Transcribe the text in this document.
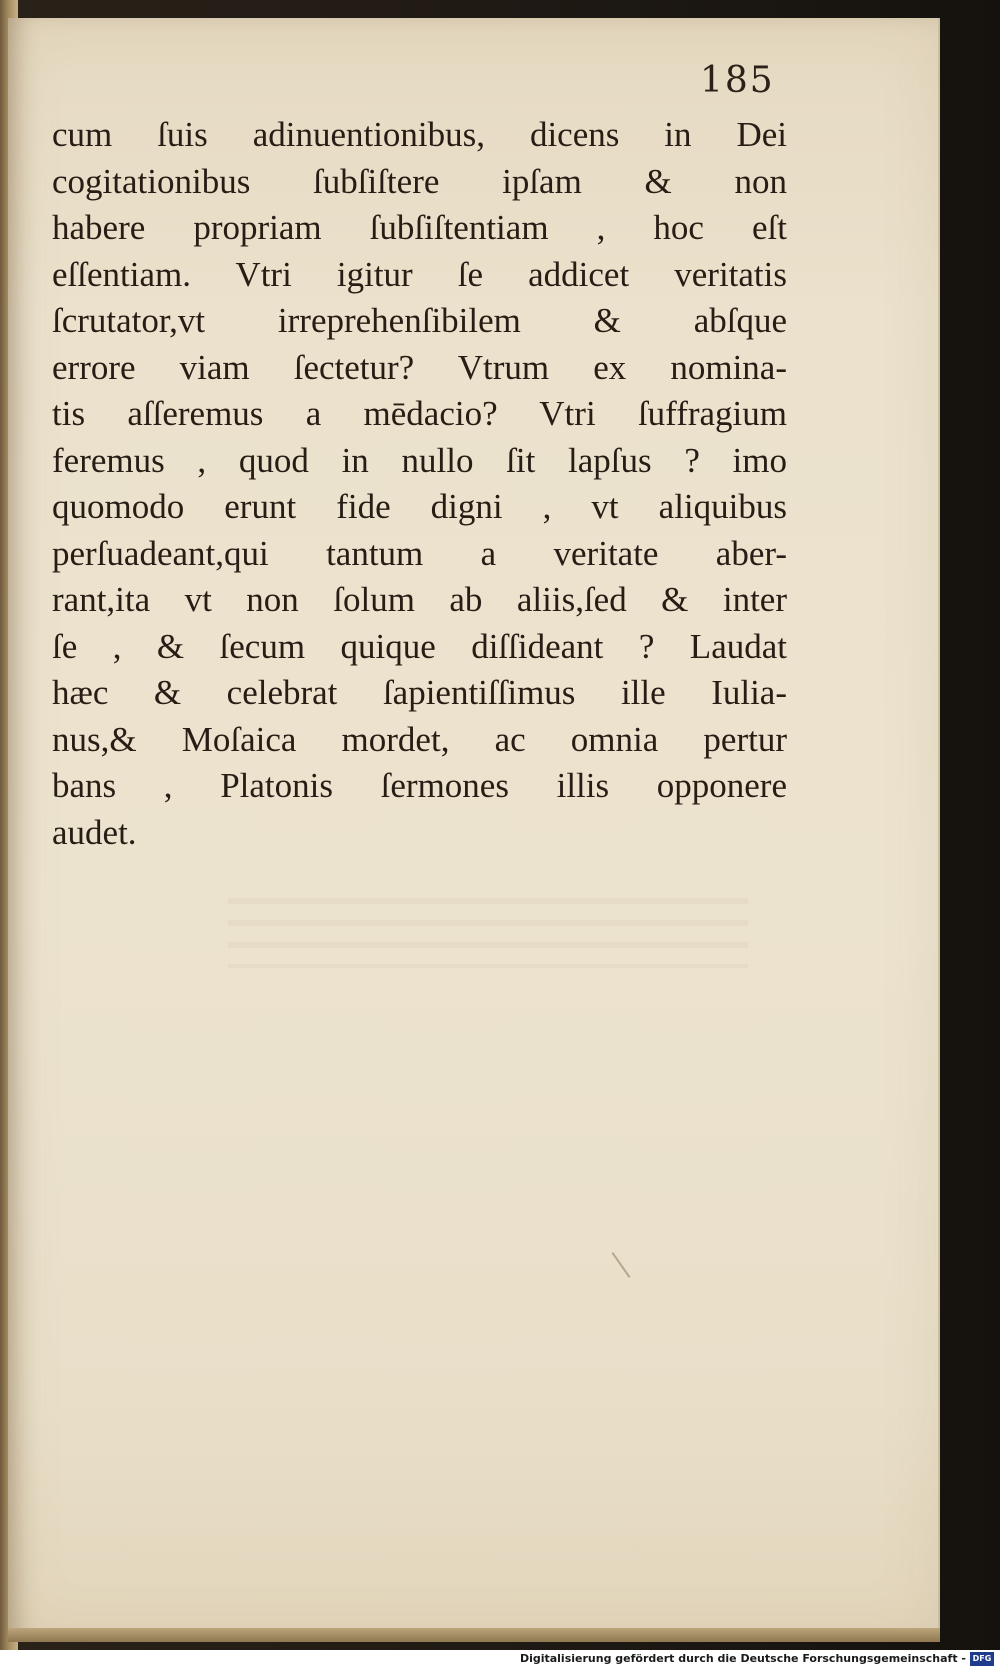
185
cum ſuis adinuentionibus, dicens in Dei
cogitationibus ſubſiſtere ipſam & non
habere propriam ſubſiſtentiam , hoc eſt
eſſentiam. Vtri igitur ſe addicet veritatis
ſcrutator,vt irreprehenſibilem & abſque
errore viam ſectetur? Vtrum ex nomina-
tis aſſeremus a mēdacio? Vtri ſuffragium
feremus , quod in nullo ſit lapſus ? imo
quomodo erunt fide digni , vt aliquibus
perſuadeant,qui tantum a veritate aber-
rant,ita vt non ſolum ab aliis,ſed & inter
ſe , & ſecum quique diſſideant ? Laudat
hæc & celebrat ſapientiſſimus ille Iulia-
nus,& Moſaica mordet, ac omnia pertur
bans , Platonis ſermones illis opponere
audet.
Digitalisierung gefördert durch die Deutsche Forschungsgemeinschaft - DFG
